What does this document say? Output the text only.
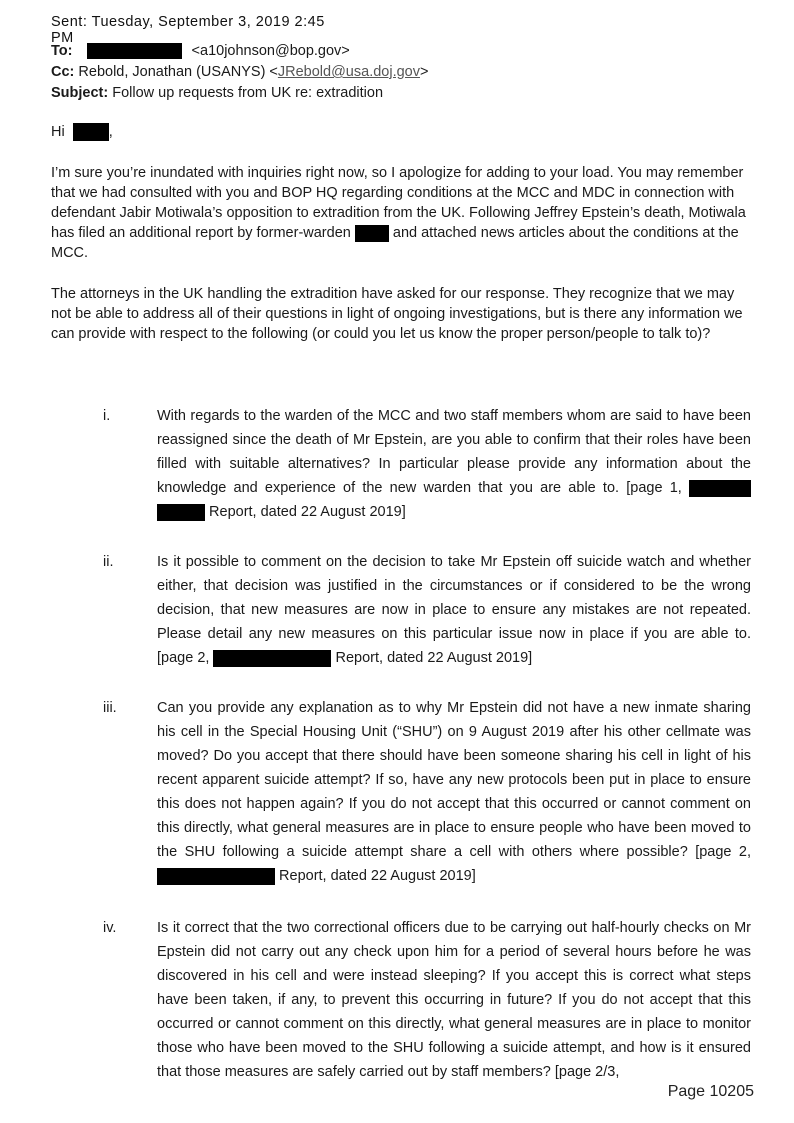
Sent: Tuesday, September 3, 2019 2:45 PM
To:	<a10johnson@bop.gov>
Cc: Rebold, Jonathan (USANYS) <JRebold@usa.doj.gov>
Subject: Follow up requests from UK re: extradition
Hi	,
I’m sure you’re inundated with inquiries right now, so I apologize for adding to your load. You may remember that we had consulted with you and BOP HQ regarding conditions at the MCC and MDC in connection with defendant Jabir Motiwala’s opposition to extradition from the UK. Following Jeffrey Epstein’s death, Motiwala has filed an additional report by former-warden	and attached news articles about the conditions at the MCC.
The attorneys in the UK handling the extradition have asked for our response. They recognize that we may not be able to address all of their questions in light of ongoing investigations, but is there any information we can provide with respect to the following (or could you let us know the proper person/people to talk to)?
i.	With regards to the warden of the MCC and two staff members whom are said to have been reassigned since the death of Mr Epstein, are you able to confirm that their roles have been filled with suitable alternatives? In particular please provide any information about the knowledge and experience of the new warden that you are able to. [page 1,   Report, dated 22 August 2019]
ii.	Is it possible to comment on the decision to take Mr Epstein off suicide watch and whether either, that decision was justified in the circumstances or if considered to be the wrong decision, that new measures are now in place to ensure any mistakes are not repeated. Please detail any new measures on this particular issue now in place if you are able to. [page 2,	Report, dated 22 August 2019]
iii.	Can you provide any explanation as to why Mr Epstein did not have a new inmate sharing his cell in the Special Housing Unit (“SHU”) on 9 August 2019 after his other cellmate was moved? Do you accept that there should have been someone sharing his cell in light of his recent apparent suicide attempt? If so, have any new protocols been put in place to ensure this does not happen again? If you do not accept that this occurred or cannot comment on this directly, what general measures are in place to ensure people who have been moved to the SHU following a suicide attempt share a cell with others where possible? [page 2,  Report, dated 22 August 2019]
iv.	Is it correct that the two correctional officers due to be carrying out half-hourly checks on Mr Epstein did not carry out any check upon him for a period of several hours before he was discovered in his cell and were instead sleeping? If you accept this is correct what steps have been taken, if any, to prevent this occurring in future? If you do not accept that this occurred or cannot comment on this directly, what general measures are in place to monitor those who have been moved to the SHU following a suicide attempt, and how is it ensured that those measures are safely carried out by staff members? [page 2/3,
Page 10205
